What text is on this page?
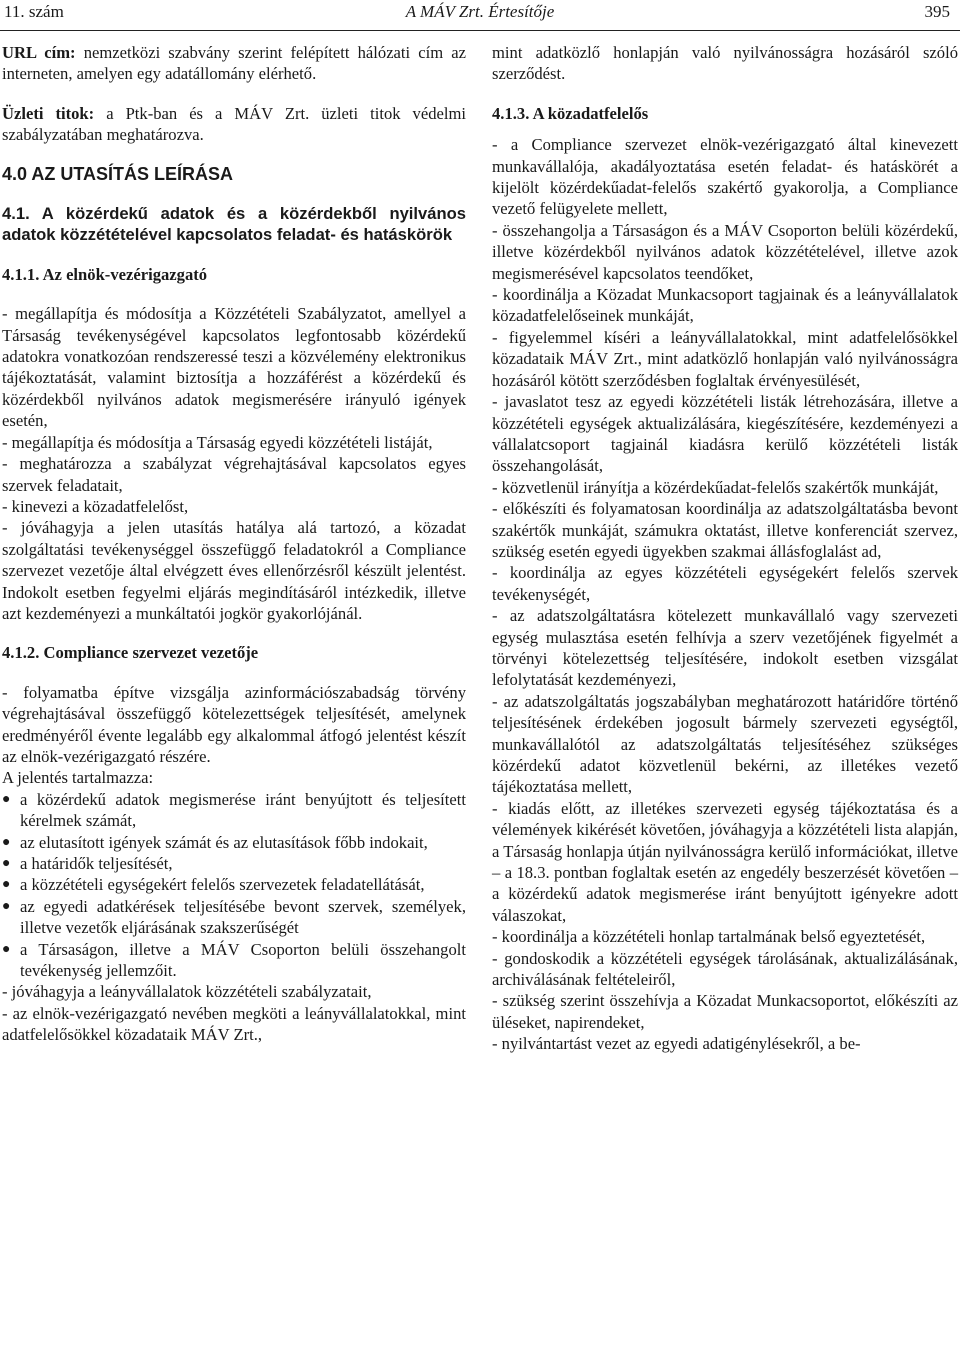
11. szám	A MÁV Zrt. Értesítője	395

URL cím: nemzetközi szabvány szerint felépített hálózati cím az interneten, amelyen egy adatállomány elérhető.

Üzleti titok: a Ptk-ban és a MÁV Zrt. üzleti titok védelmi szabályzatában meghatározva.

4.0 AZ UTASÍTÁS LEÍRÁSA

4.1. A közérdekű adatok és a közérdekből nyilvános adatok közzétételével kapcsolatos feladat- és hatáskörök

4.1.1. Az elnök-vezérigazgató

- megállapítja és módosítja a Közzétételi Szabályzatot, amellyel a Társaság tevékenységével kapcsolatos legfontosabb közérdekű adatokra vonatkozóan rendszeressé teszi a közvélemény elektronikus tájékoztatását, valamint biztosítja a hozzáférést a közérdekű és közérdekből nyilvános adatok megismerésére irányuló igények esetén,

- megállapítja és módosítja a Társaság egyedi közzétételi listáját,

- meghatározza a szabályzat végrehajtásával kapcsolatos egyes szervek feladatait,

- kinevezi a közadatfelelőst,

- jóváhagyja a jelen utasítás hatálya alá tartozó, a közadat szolgáltatási tevékenységgel összefüggő feladatokról a Compliance szervezet vezetője által elvégzett éves ellenőrzésről készült jelentést. Indokolt esetben fegyelmi eljárás megindításáról intézkedik, illetve azt kezdeményezi a munkáltatói jogkör gyakorlójánál.

4.1.2. Compliance szervezet vezetője

- folyamatba építve vizsgálja azinformációszabadság törvény végrehajtásával összefüggő kötelezettségek teljesítését, amelynek eredményéről évente legalább egy alkalommal átfogó jelentést készít az elnök-vezérigazgató részére.

A jelentés tartalmazza:

● a közérdekű adatok megismerése iránt benyújtott és teljesített kérelmek számát,
● az elutasított igények számát és az elutasítások főbb indokait,
● a határidők teljesítését,
● a közzétételi egységekért felelős szervezetek feladatellátását,
● az egyedi adatkérések teljesítésébe bevont szervek, személyek, illetve vezetők eljárásának szakszerűségét
● a Társaságon, illetve a MÁV Csoporton belüli összehangolt tevékenység jellemzőit.

- jóváhagyja a leányvállalatok közzétételi szabályzatait,

- az elnök-vezérigazgató nevében megköti a leányvállalatokkal, mint adatfelelősökkel közadataik MÁV Zrt.,

mint adatközlő honlapján való nyilvánosságra hozásáról szóló szerződést.

4.1.3. A közadatfelelős

- a Compliance szervezet elnök-vezérigazgató által kinevezett munkavállalója, akadályoztatása esetén feladat- és hatáskörét a kijelölt közérdekűadat-felelős szakértő gyakorolja, a Compliance vezető felügyelete mellett,

- összehangolja a Társaságon és a MÁV Csoporton belüli közérdekű, illetve közérdekből nyilvános adatok közzétételével, illetve azok megismerésével kapcsolatos teendőket,

- koordinálja a Közadat Munkacsoport tagjainak és a leányvállalatok közadatfelelőseinek munkáját,

- figyelemmel kíséri a leányvállalatokkal, mint adatfelelősökkel közadataik MÁV Zrt., mint adatközlő honlapján való nyilvánosságra hozásáról kötött szerződésben foglaltak érvényesülését,

- javaslatot tesz az egyedi közzétételi listák létrehozására, illetve a közzétételi egységek aktualizálására, kiegészítésére, kezdeményezi a vállalatcsoport tagjainál kiadásra kerülő közzétételi listák összehangolását,

- közvetlenül irányítja a közérdekűadat-felelős szakértők munkáját,

- előkészíti és folyamatosan koordinálja az adatszolgáltatásba bevont szakértők munkáját, számukra oktatást, illetve konferenciát szervez, szükség esetén egyedi ügyekben szakmai állásfoglalást ad,

- koordinálja az egyes közzétételi egységekért felelős szervek tevékenységét,

- az adatszolgáltatásra kötelezett munkavállaló vagy szervezeti egység mulasztása esetén felhívja a szerv vezetőjének figyelmét a törvényi kötelezettség teljesítésére, indokolt esetben vizsgálat lefolytatását kezdeményezi,

- az adatszolgáltatás jogszabályban meghatározott határidőre történő teljesítésének érdekében jogosult bármely szervezeti egységtől, munkavállalótól az adatszolgáltatás teljesítéséhez szükséges közérdekű adatot közvetlenül bekérni, az illetékes vezető tájékoztatása mellett,

- kiadás előtt, az illetékes szervezeti egység tájékoztatása és a vélemények kikérését követően, jóváhagyja a közzétételi lista alapján, a Társaság honlapja útján nyilvánosságra kerülő információkat, illetve – a 18.3. pontban foglaltak esetén az engedély beszerzését követően – a közérdekű adatok megismerése iránt benyújtott igényekre adott válaszokat,

- koordinálja a közzétételi honlap tartalmának belső egyeztetését,

- gondoskodik a közzétételi egységek tárolásának, aktualizálásának, archiválásának feltételeiről,

- szükség szerint összehívja a Közadat Munkacsoportot, előkészíti az üléseket, napirendeket,

- nyilvántartást vezet az egyedi adatigénylésekről, a be-
